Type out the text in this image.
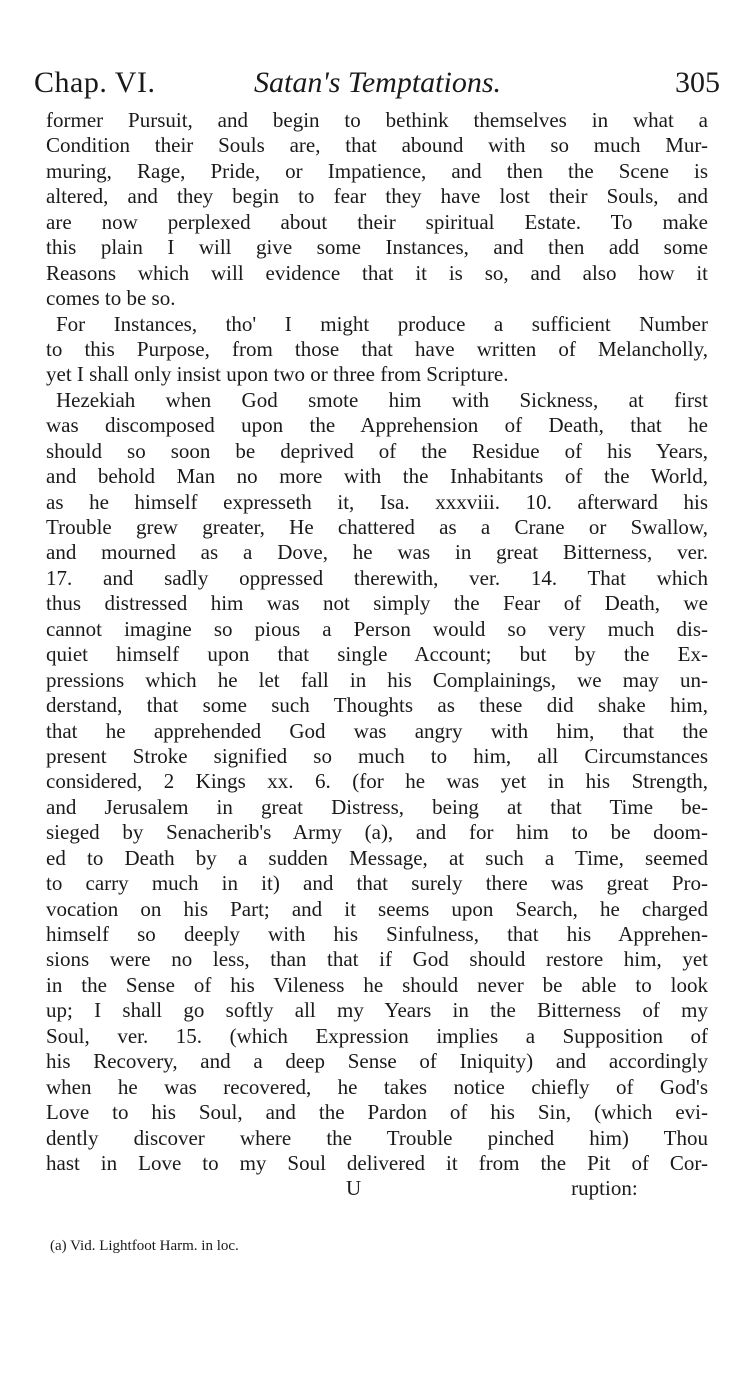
Chap. VI.	Satan's Temptations.	305
former Pursuit, and begin to bethink themselves in what a
Condition their Souls are, that abound with so much Mur-
muring, Rage, Pride, or Impatience, and then the Scene is
altered, and they begin to fear they have lost their Souls, and
are now perplexed about their spiritual Estate. To make
this plain I will give some Instances, and then add some
Reasons which will evidence that it is so, and also how it
comes to be so.
For Instances, tho' I might produce a sufficient Number
to this Purpose, from those that have written of Melancholly,
yet I shall only insist upon two or three from Scripture.
Hezekiah when God smote him with Sickness, at first
was discomposed upon the Apprehension of Death, that he
should so soon be deprived of the Residue of his Years,
and behold Man no more with the Inhabitants of the World,
as he himself expresseth it, Isa. xxxviii. 10. afterward his
Trouble grew greater, He chattered as a Crane or Swallow,
and mourned as a Dove, he was in great Bitterness, ver.
17. and sadly oppressed therewith, ver. 14. That which
thus distressed him was not simply the Fear of Death, we
cannot imagine so pious a Person would so very much dis-
quiet himself upon that single Account; but by the Ex-
pressions which he let fall in his Complainings, we may un-
derstand, that some such Thoughts as these did shake him,
that he apprehended God was angry with him, that the
present Stroke signified so much to him, all Circumstances
considered, 2 Kings xx. 6. (for he was yet in his Strength,
and Jerusalem in great Distress, being at that Time be-
sieged by Senacherib's Army (a), and for him to be doom-
ed to Death by a sudden Message, at such a Time, seemed
to carry much in it) and that surely there was great Pro-
vocation on his Part; and it seems upon Search, he charged
himself so deeply with his Sinfulness, that his Apprehen-
sions were no less, than that if God should restore him, yet
in the Sense of his Vileness he should never be able to look
up; I shall go softly all my Years in the Bitterness of my
Soul, ver. 15. (which Expression implies a Supposition of
his Recovery, and a deep Sense of Iniquity) and accordingly
when he was recovered, he takes notice chiefly of God's
Love to his Soul, and the Pardon of his Sin, (which evi-
dently discover where the Trouble pinched him) Thou
hast in Love to my Soul delivered it from the Pit of Cor-
U                                        ruption:
(a) Vid. Lightfoot Harm. in loc.
